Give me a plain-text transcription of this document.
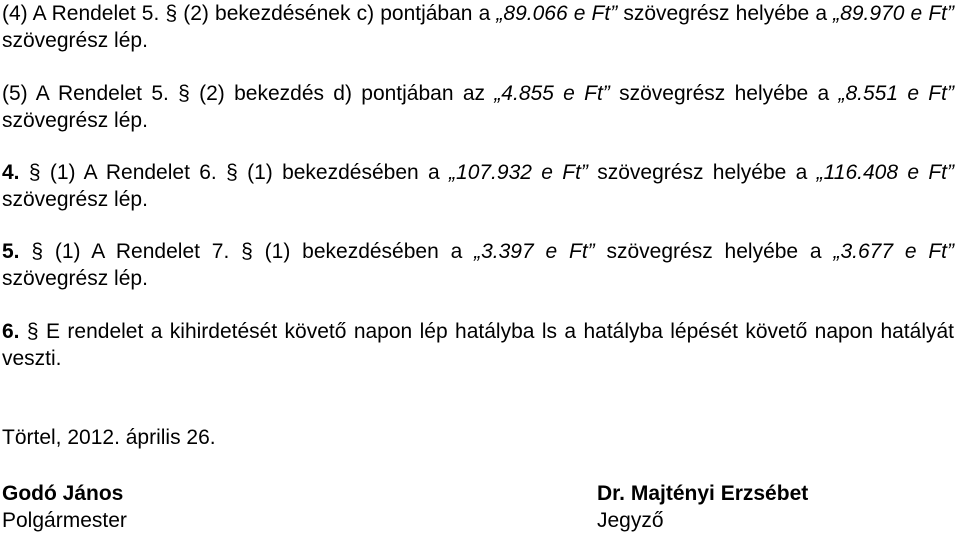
(4) A Rendelet 5. § (2) bekezdésének c) pontjában a „89.066 e Ft” szövegrész helyébe a „89.970 e Ft” szövegrész lép.
(5) A Rendelet 5. § (2) bekezdés d) pontjában az „4.855 e Ft” szövegrész helyébe a „8.551 e Ft” szövegrész lép.
4. § (1) A Rendelet 6. § (1) bekezdésében a „107.932 e Ft” szövegrész helyébe a „116.408 e Ft” szövegrész lép.
5. § (1) A Rendelet 7. § (1) bekezdésében a „3.397 e Ft” szövegrész helyébe a „3.677 e Ft” szövegrész lép.
6. § E rendelet a kihirdetését követő napon lép hatályba ls a hatályba lépését követő napon hatályát veszti.
Törtel, 2012. április 26.
Godó János
Polgármester
Dr. Majtényi Erzsébet
Jegyző
